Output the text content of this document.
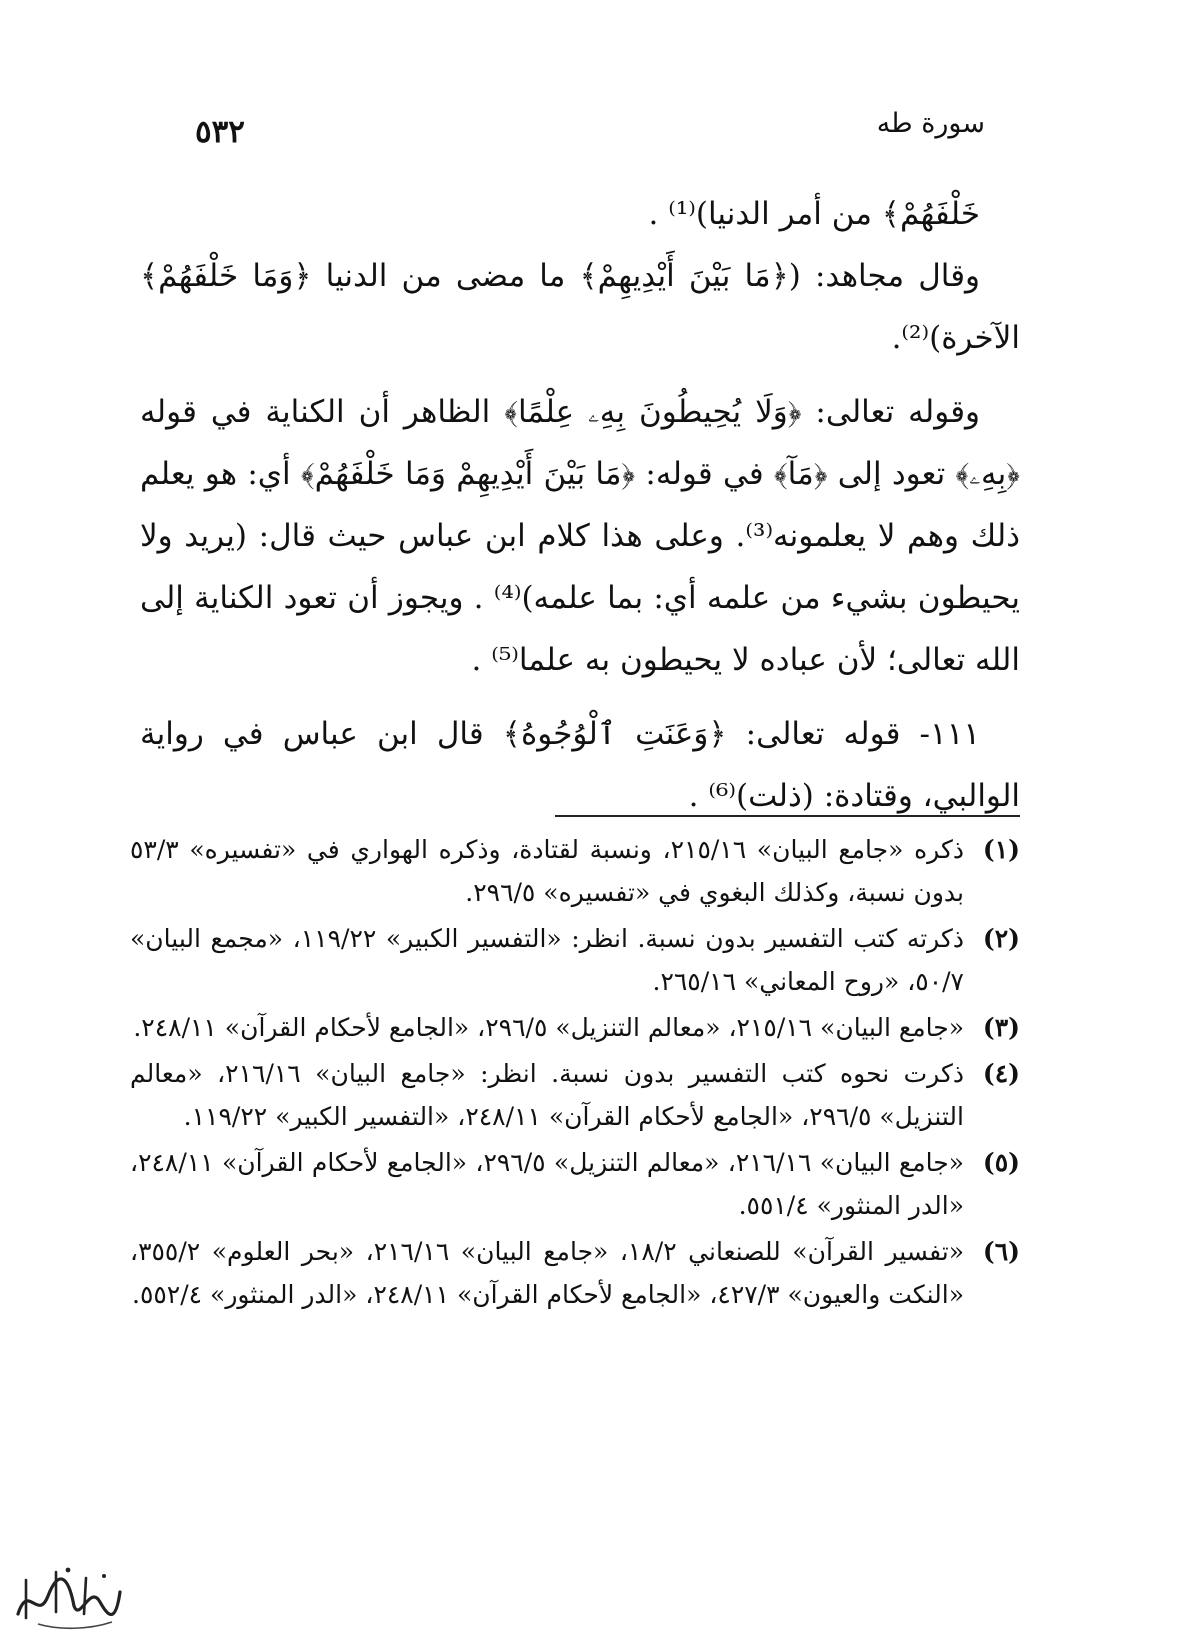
٥٣٢	سورة طه

خَلْفَهُمْ﴾ من أمر الدنيا)⁽¹⁾ .

وقال مجاهد: (﴿مَا بَيْنَ أَيْدِيهِمْ﴾ ما مضى من الدنيا ﴿وَمَا خَلْفَهُمْ﴾ الآخرة)⁽²⁾.

وقوله تعالى: ﴿وَلَا يُحِيطُونَ بِهِۦ عِلْمًا﴾ الظاهر أن الكناية في قوله ﴿بِهِۦ﴾ تعود إلى ﴿مَآ﴾ في قوله: ﴿مَا بَيْنَ أَيْدِيهِمْ وَمَا خَلْفَهُمْ﴾ أي: هو يعلم ذلك وهم لا يعلمونه⁽³⁾. وعلى هذا كلام ابن عباس حيث قال: (يريد ولا يحيطون بشيء من علمه أي: بما علمه)⁽⁴⁾ . ويجوز أن تعود الكناية إلى الله تعالى؛ لأن عباده لا يحيطون به علما⁽⁵⁾ .

١١١- قوله تعالى: ﴿وَعَنَتِ ٱلْوُجُوهُ﴾ قال ابن عباس في رواية الوالبي، وقتادة: (ذلت)⁽⁶⁾ .

(١)
ذكره «جامع البيان» ٢١٥/١٦، ونسبة لقتادة، وذكره الهواري في «تفسيره» ٥٣/٣ بدون نسبة، وكذلك البغوي في «تفسيره» ٢٩٦/٥.
(٢)
ذكرته كتب التفسير بدون نسبة. انظر: «التفسير الكبير» ١١٩/٢٢، «مجمع البيان» ٥٠/٧، «روح المعاني» ٢٦٥/١٦.
(٣)
«جامع البيان» ٢١٥/١٦، «معالم التنزيل» ٢٩٦/٥، «الجامع لأحكام القرآن» ٢٤٨/١١.
(٤)
ذكرت نحوه كتب التفسير بدون نسبة. انظر: «جامع البيان» ٢١٦/١٦، «معالم التنزيل» ٢٩٦/٥، «الجامع لأحكام القرآن» ٢٤٨/١١، «التفسير الكبير» ١١٩/٢٢.
(٥)
«جامع البيان» ٢١٦/١٦، «معالم التنزيل» ٢٩٦/٥، «الجامع لأحكام القرآن» ٢٤٨/١١، «الدر المنثور» ٥٥١/٤.
(٦)
«تفسير القرآن» للصنعاني ١٨/٢، «جامع البيان» ٢١٦/١٦، «بحر العلوم» ٣٥٥/٢، «النكت والعيون» ٤٢٧/٣، «الجامع لأحكام القرآن» ٢٤٨/١١، «الدر المنثور» ٥٥٢/٤.
